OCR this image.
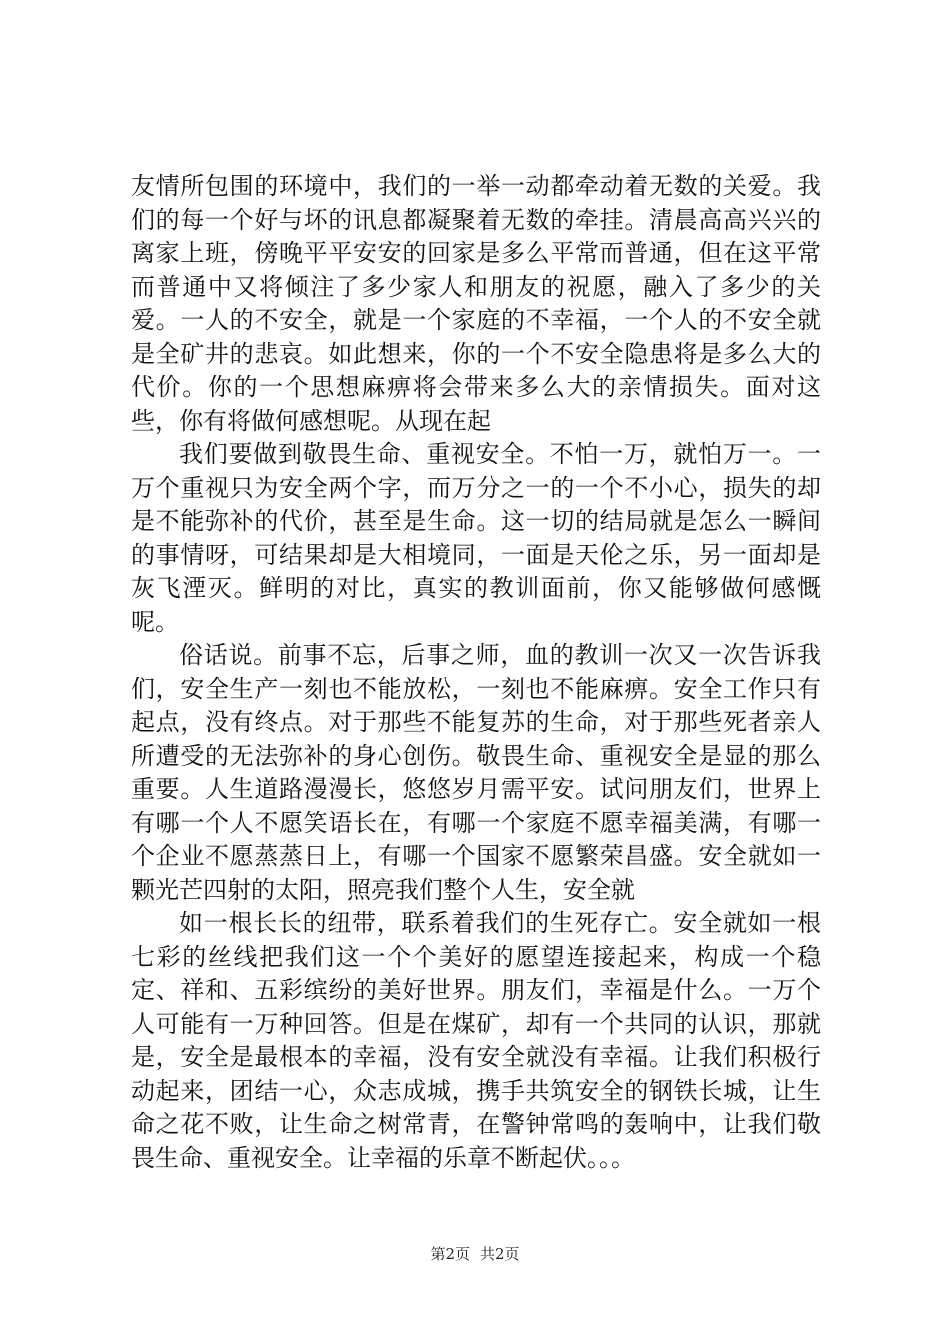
友情所包围的环境中，我们的一举一动都牵动着无数的关爱。我们的每一个好与坏的讯息都凝聚着无数的牵挂。清晨高高兴兴的离家上班，傍晚平平安安的回家是多么平常而普通，但在这平常而普通中又将倾注了多少家人和朋友的祝愿，融入了多少的关爱。一人的不安全，就是一个家庭的不幸福，一个人的不安全就是全矿井的悲哀。如此想来，你的一个不安全隐患将是多么大的代价。你的一个思想麻痹将会带来多么大的亲情损失。面对这些，你有将做何感想呢。从现在起

我们要做到敬畏生命、重视安全。不怕一万，就怕万一。一万个重视只为安全两个字，而万分之一的一个不小心，损失的却是不能弥补的代价，甚至是生命。这一切的结局就是怎么一瞬间的事情呀，可结果却是大相境同，一面是天伦之乐，另一面却是灰飞湮灭。鲜明的对比，真实的教训面前，你又能够做何感慨呢。

俗话说。前事不忘，后事之师，血的教训一次又一次告诉我们，安全生产一刻也不能放松，一刻也不能麻痹。安全工作只有起点，没有终点。对于那些不能复苏的生命，对于那些死者亲人所遭受的无法弥补的身心创伤。敬畏生命、重视安全是显的那么重要。人生道路漫漫长，悠悠岁月需平安。试问朋友们，世界上有哪一个人不愿笑语长在，有哪一个家庭不愿幸福美满，有哪一个企业不愿蒸蒸日上，有哪一个国家不愿繁荣昌盛。安全就如一颗光芒四射的太阳，照亮我们整个人生，安全就

如一根长长的纽带，联系着我们的生死存亡。安全就如一根七彩的丝线把我们这一个个美好的愿望连接起来，构成一个稳定、祥和、五彩缤纷的美好世界。朋友们，幸福是什么。一万个人可能有一万种回答。但是在煤矿，却有一个共同的认识，那就是，安全是最根本的幸福，没有安全就没有幸福。让我们积极行动起来，团结一心，众志成城，携手共筑安全的钢铁长城，让生命之花不败，让生命之树常青，在警钟常鸣的轰响中，让我们敬畏生命、重视安全。让幸福的乐章不断起伏。。。

第2页 共2页
